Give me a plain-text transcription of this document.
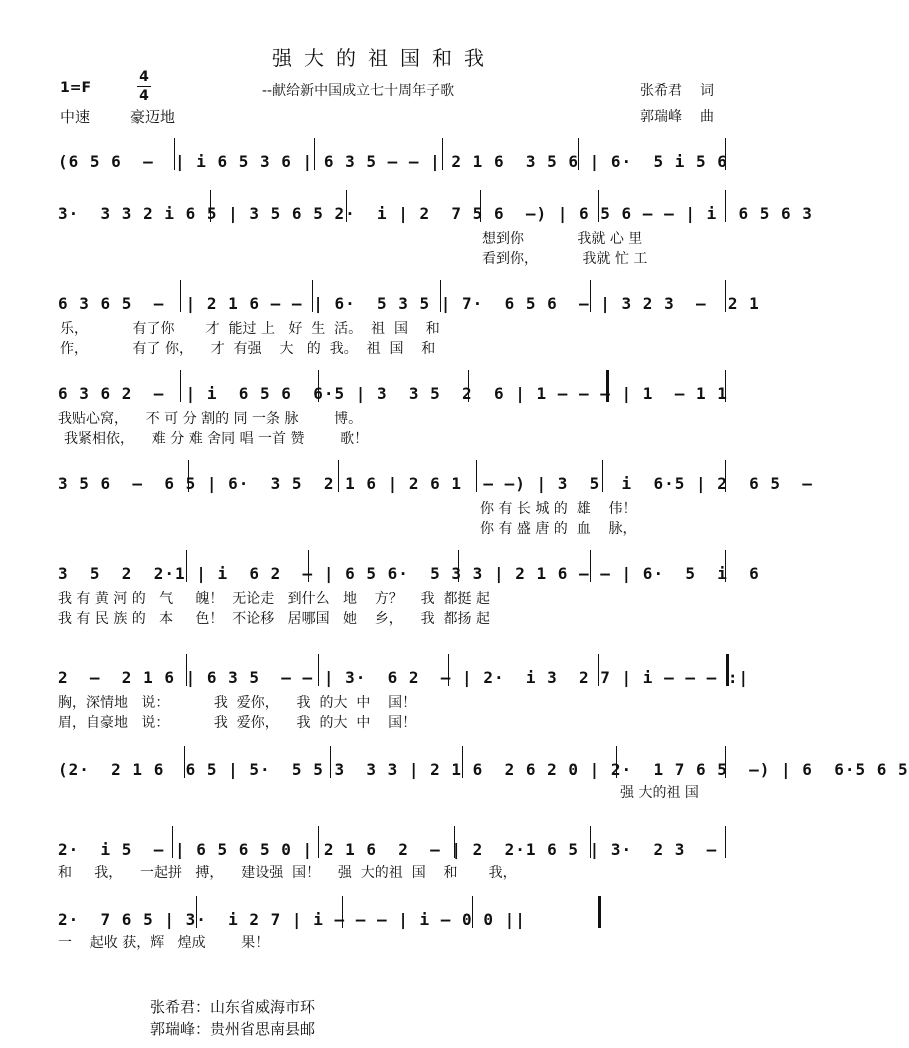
强大的祖国和我
1=F
4
4	--献给新中国成立七十周年子歌
中速	豪迈地
张希君 词
郭瑞峰 曲
(6 5 6  –  | i 6 5 3 6 | 6 3 5 – – | 2 1 6  3 5 6 | 6·  5 i 5 6
3·  3 3 2 i 6 5 | 3 5 6 5 2·  i | 2  7 5 6  –) | 6 5 6 – – | i  6 5 6 3
想到你            我就 心 里
看到你，          我就 忙 工
6 3 6 5  –  | 2 1 6 – – | 6·  5 3 5 | 7·  6 5 6  – | 3 2 3  –  2 1
乐，          有了你       才  能过 上   好  生  活。  祖  国    和
作，          有了 你，    才  有强    大   的  我。  祖  国    和
6 3 6 2  –  | i  6 5 6  6·5 | 3  3 5  2  6 | 1 – – – | 1  – 1 1
我贴心窝，    不 可 分 割的 同 一条 脉        博。
我紧相依，    难 分 难 舍同 唱 一首 赞        歌！
3 5 6  –  6 5 | 6·  3 5  2 1 6 | 2 6 1  – –) | 3  5  i  6·5 | 2  6 5  –
你 有 长 城 的  雄    伟！
你 有 盛 唐 的  血    脉，
3  5  2  2·1 | i  6 2  – | 6 5 6·  5 3 3 | 2 1 6 – – | 6·  5  i  6
我 有 黄 河 的   气     魄！  无论走   到什么   地    方？    我  都挺 起
我 有 民 族 的   本     色！  不论移   居哪国   她    乡，    我  都扬 起
2  –  2 1 6 | 6 3 5  – – | 3·  6 2  – | 2·  i 3  2 7 | i – – – :|
胸，深情地   说：          我  爱你，    我  的大  中    国！
眉，自豪地   说：          我  爱你，    我  的大  中    国！
(2·  2 1 6  6 5 | 5·  5 5 3  3 3 | 2 1 6  2 6 2 0 | 2·  1 7 6 5  –) | 6  6·5 6 5
强 大的祖 国
2·  i 5  – | 6 5 6 5 0 | 2 1 6  2  – | 2  2·1 6 5 | 3·  2 3  –
和     我，    一起拼   搏，    建设强  国！    强  大的祖  国    和       我，
2·  7 6 5 | 3·  i 2 7 | i – – – | i – 0 0 ||
一    起收 获，辉   煌成        果！
张希君：山东省威海市环
郭瑞峰：贵州省思南县邮
